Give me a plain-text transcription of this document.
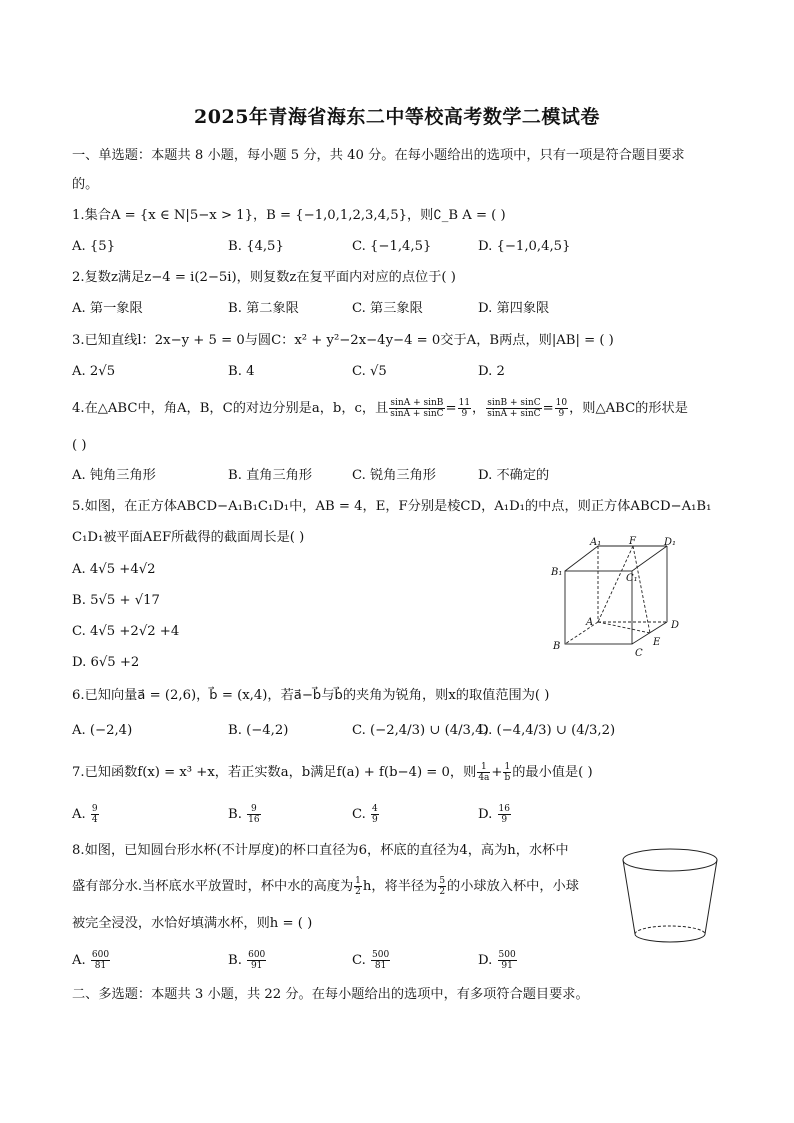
2025年青海省海东二中等校高考数学二模试卷
一、单选题：本题共 8 小题，每小题 5 分，共 40 分。在每小题给出的选项中，只有一项是符合题目要求
的。
1.集合A = {x ∈ N|5−x > 1}，B = {−1,0,1,2,3,4,5}，则∁_B A = ( )
A. {5}	B. {4,5}	C. {−1,4,5}	D. {−1,0,4,5}
2.复数z满足z−4 = i(2−5i)，则复数z在复平面内对应的点位于( )
A. 第一象限	B. 第二象限	C. 第三象限	D. 第四象限
3.已知直线l：2x−y + 5 = 0与圆C：x² + y²−2x−4y−4 = 0交于A，B两点，则|AB| = ( )
A. 2√5	B. 4	C. √5	D. 2
4.在△ABC中，角A，B，C的对边分别是a，b，c，且 $\frac{\sin A + \sin B}{\sin A + \sin C} = \frac{11}{9}$ ， $\frac{\sin B + \sin C}{\sin A + \sin C} = \frac{10}{9}$ ，则△ABC的形状是
( )
A. 钝角三角形	B. 直角三角形	C. 锐角三角形	D. 不确定的
5.如图，在正方体ABCD−A₁B₁C₁D₁中，AB = 4，E，F分别是棱CD，A₁D₁的中点，则正方体ABCD−A₁B₁
C₁D₁被平面AEF所截得的截面周长是( )
A. 4√5 +4√2
B. 5√5 + √17
C. 4√5 +2√2 +4
D. 6√5 +2
A₁	F	D₁
B₁
C₁
A	D
B
C
E
6.已知向量a⃗ = (2,6)，b⃗ = (x,4)，若a⃗−b⃗与b⃗的夹角为锐角，则x的取值范围为( )
A. (−2,4)	B. (−4,2)	C. (−2,4/3) ∪ (4/3,4)
D. (−4,4/3) ∪ (4/3,2)
7.已知函数f(x) = x³ +x，若正实数a，b满足f(a) + f(b−4) = 0，则 $\frac{1}{4a} + \frac{1}{b}$ 的最小值是( )
A. $\frac{9}{4}$	B. $\frac{9}{16}$	C. $\frac{4}{9}$	D. $\frac{16}{9}$
8.如图，已知圆台形水杯(不计厚度)的杯口直径为6，杯底的直径为4，高为h，水杯中
盛有部分水.当杯底水平放置时，杯中水的高度为 $\frac{1}{2}$ h，将半径为 $\frac{5}{2}$ 的小球放入杯中，小球
被完全浸没，水恰好填满水杯，则h = ( )
A. $\frac{600}{81}$	B. $\frac{600}{91}$	C. $\frac{500}{81}$	D. $\frac{500}{91}$
二、多选题：本题共 3 小题，共 22 分。在每小题给出的选项中，有多项符合题目要求。
